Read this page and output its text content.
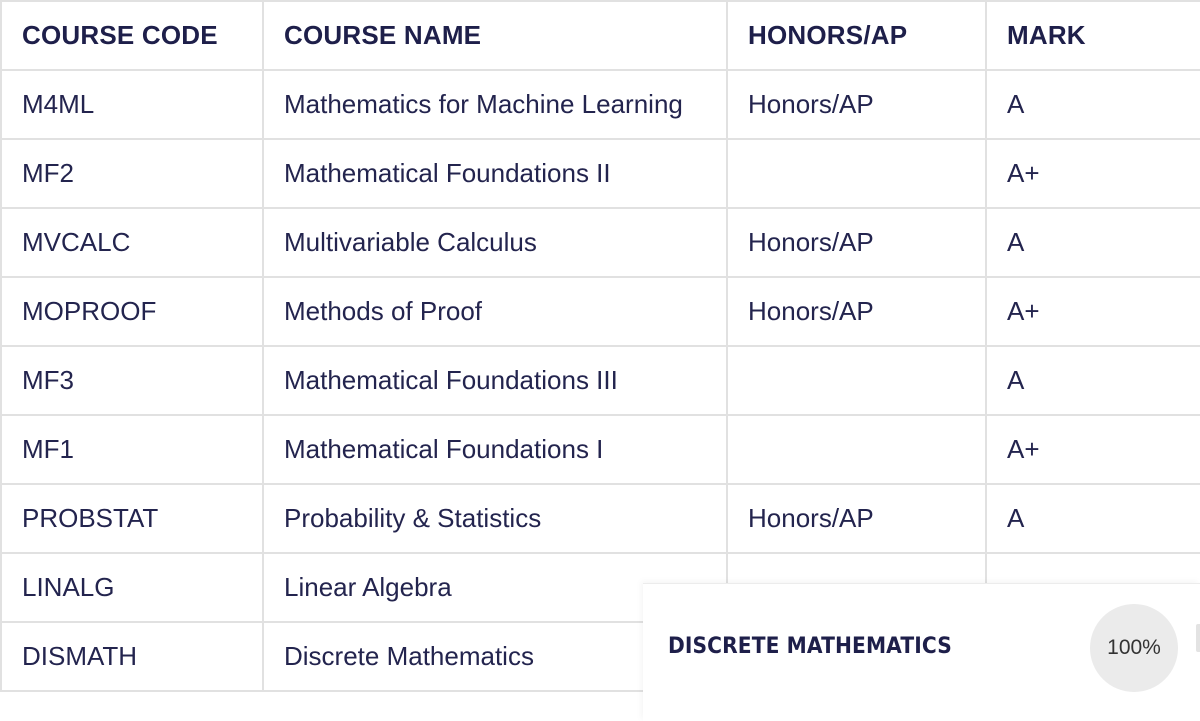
COURSE CODE	COURSE NAME	HONORS/AP	MARK
M4ML	Mathematics for Machine Learning	Honors/AP	A
MF2	Mathematical Foundations II		A+
MVCALC	Multivariable Calculus	Honors/AP	A
MOPROOF	Methods of Proof	Honors/AP	A+
MF3	Mathematical Foundations III		A
MF1	Mathematical Foundations I		A+
PROBSTAT	Probability & Statistics	Honors/AP	A
LINALG	Linear Algebra		
DISMATH	Discrete Mathematics			DISCRETE MATHEMATICS	100%
